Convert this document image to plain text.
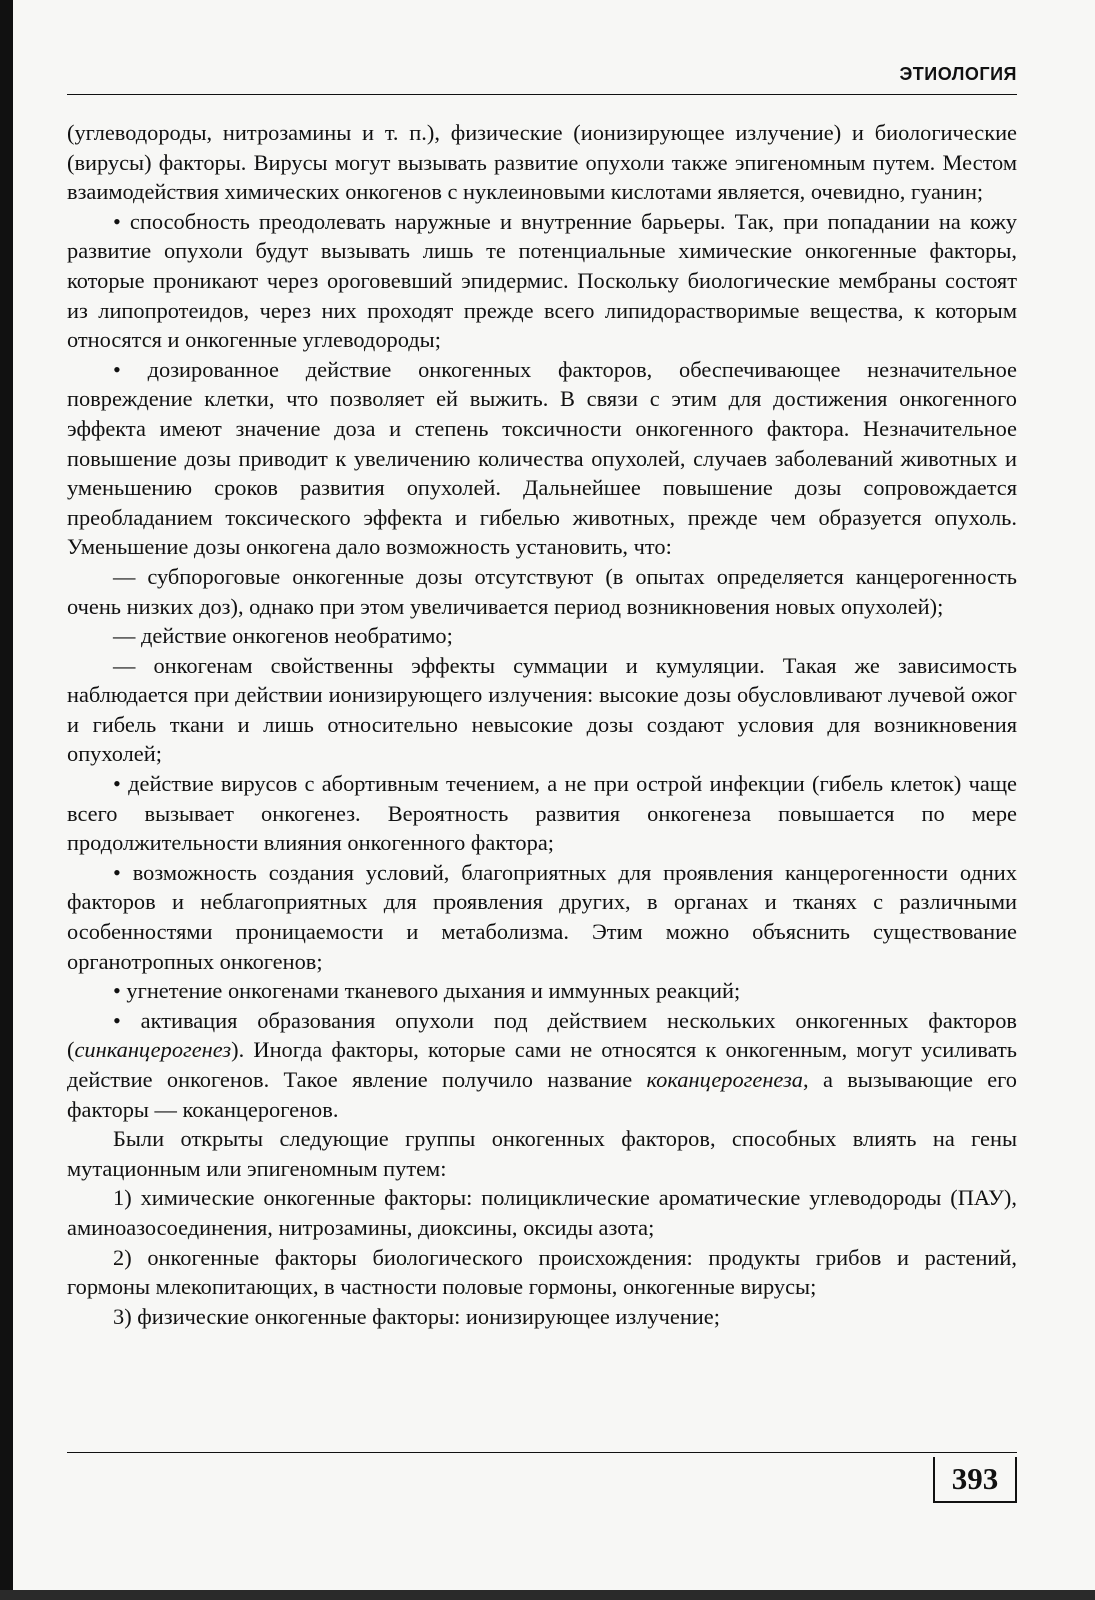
ЭТИОЛОГИЯ

(углеводороды, нитрозамины и т. п.), физические (ионизирующее излучение) и биологические (вирусы) факторы. Вирусы могут вызывать развитие опухоли также эпигеномным путем. Местом взаимодействия химических онкогенов с нуклеиновыми кислотами является, очевидно, гуанин;

• способность преодолевать наружные и внутренние барьеры. Так, при попадании на кожу развитие опухоли будут вызывать лишь те потенциальные химические онкогенные факторы, которые проникают через ороговевший эпидермис. Поскольку биологические мембраны состоят из липопротеидов, через них проходят прежде всего липидорастворимые вещества, к которым относятся и онкогенные углеводороды;

• дозированное действие онкогенных факторов, обеспечивающее незначительное повреждение клетки, что позволяет ей выжить. В связи с этим для достижения онкогенного эффекта имеют значение доза и степень токсичности онкогенного фактора. Незначительное повышение дозы приводит к увеличению количества опухолей, случаев заболеваний животных и уменьшению сроков развития опухолей. Дальнейшее повышение дозы сопровождается преобладанием токсического эффекта и гибелью животных, прежде чем образуется опухоль. Уменьшение дозы онкогена дало возможность установить, что:

— субпороговые онкогенные дозы отсутствуют (в опытах определяется канцерогенность очень низких доз), однако при этом увеличивается период возникновения новых опухолей);

— действие онкогенов необратимо;

— онкогенам свойственны эффекты суммации и кумуляции. Такая же зависимость наблюдается при действии ионизирующего излучения: высокие дозы обусловливают лучевой ожог и гибель ткани и лишь относительно невысокие дозы создают условия для возникновения опухолей;

• действие вирусов с абортивным течением, а не при острой инфекции (гибель клеток) чаще всего вызывает онкогенез. Вероятность развития онкогенеза повышается по мере продолжительности влияния онкогенного фактора;

• возможность создания условий, благоприятных для проявления канцерогенности одних факторов и неблагоприятных для проявления других, в органах и тканях с различными особенностями проницаемости и метаболизма. Этим можно объяснить существование органотропных онкогенов;

• угнетение онкогенами тканевого дыхания и иммунных реакций;

• активация образования опухоли под действием нескольких онкогенных факторов (синканцерогенез). Иногда факторы, которые сами не относятся к онкогенным, могут усиливать действие онкогенов. Такое явление получило название коканцерогенеза, а вызывающие его факторы — коканцерогенов.

Были открыты следующие группы онкогенных факторов, способных влиять на гены мутационным или эпигеномным путем:

1) химические онкогенные факторы: полициклические ароматические углеводороды (ПАУ), аминоазосоединения, нитрозамины, диоксины, оксиды азота;

2) онкогенные факторы биологического происхождения: продукты грибов и растений, гормоны млекопитающих, в частности половые гормоны, онкогенные вирусы;

3) физические онкогенные факторы: ионизирующее излучение;

393
